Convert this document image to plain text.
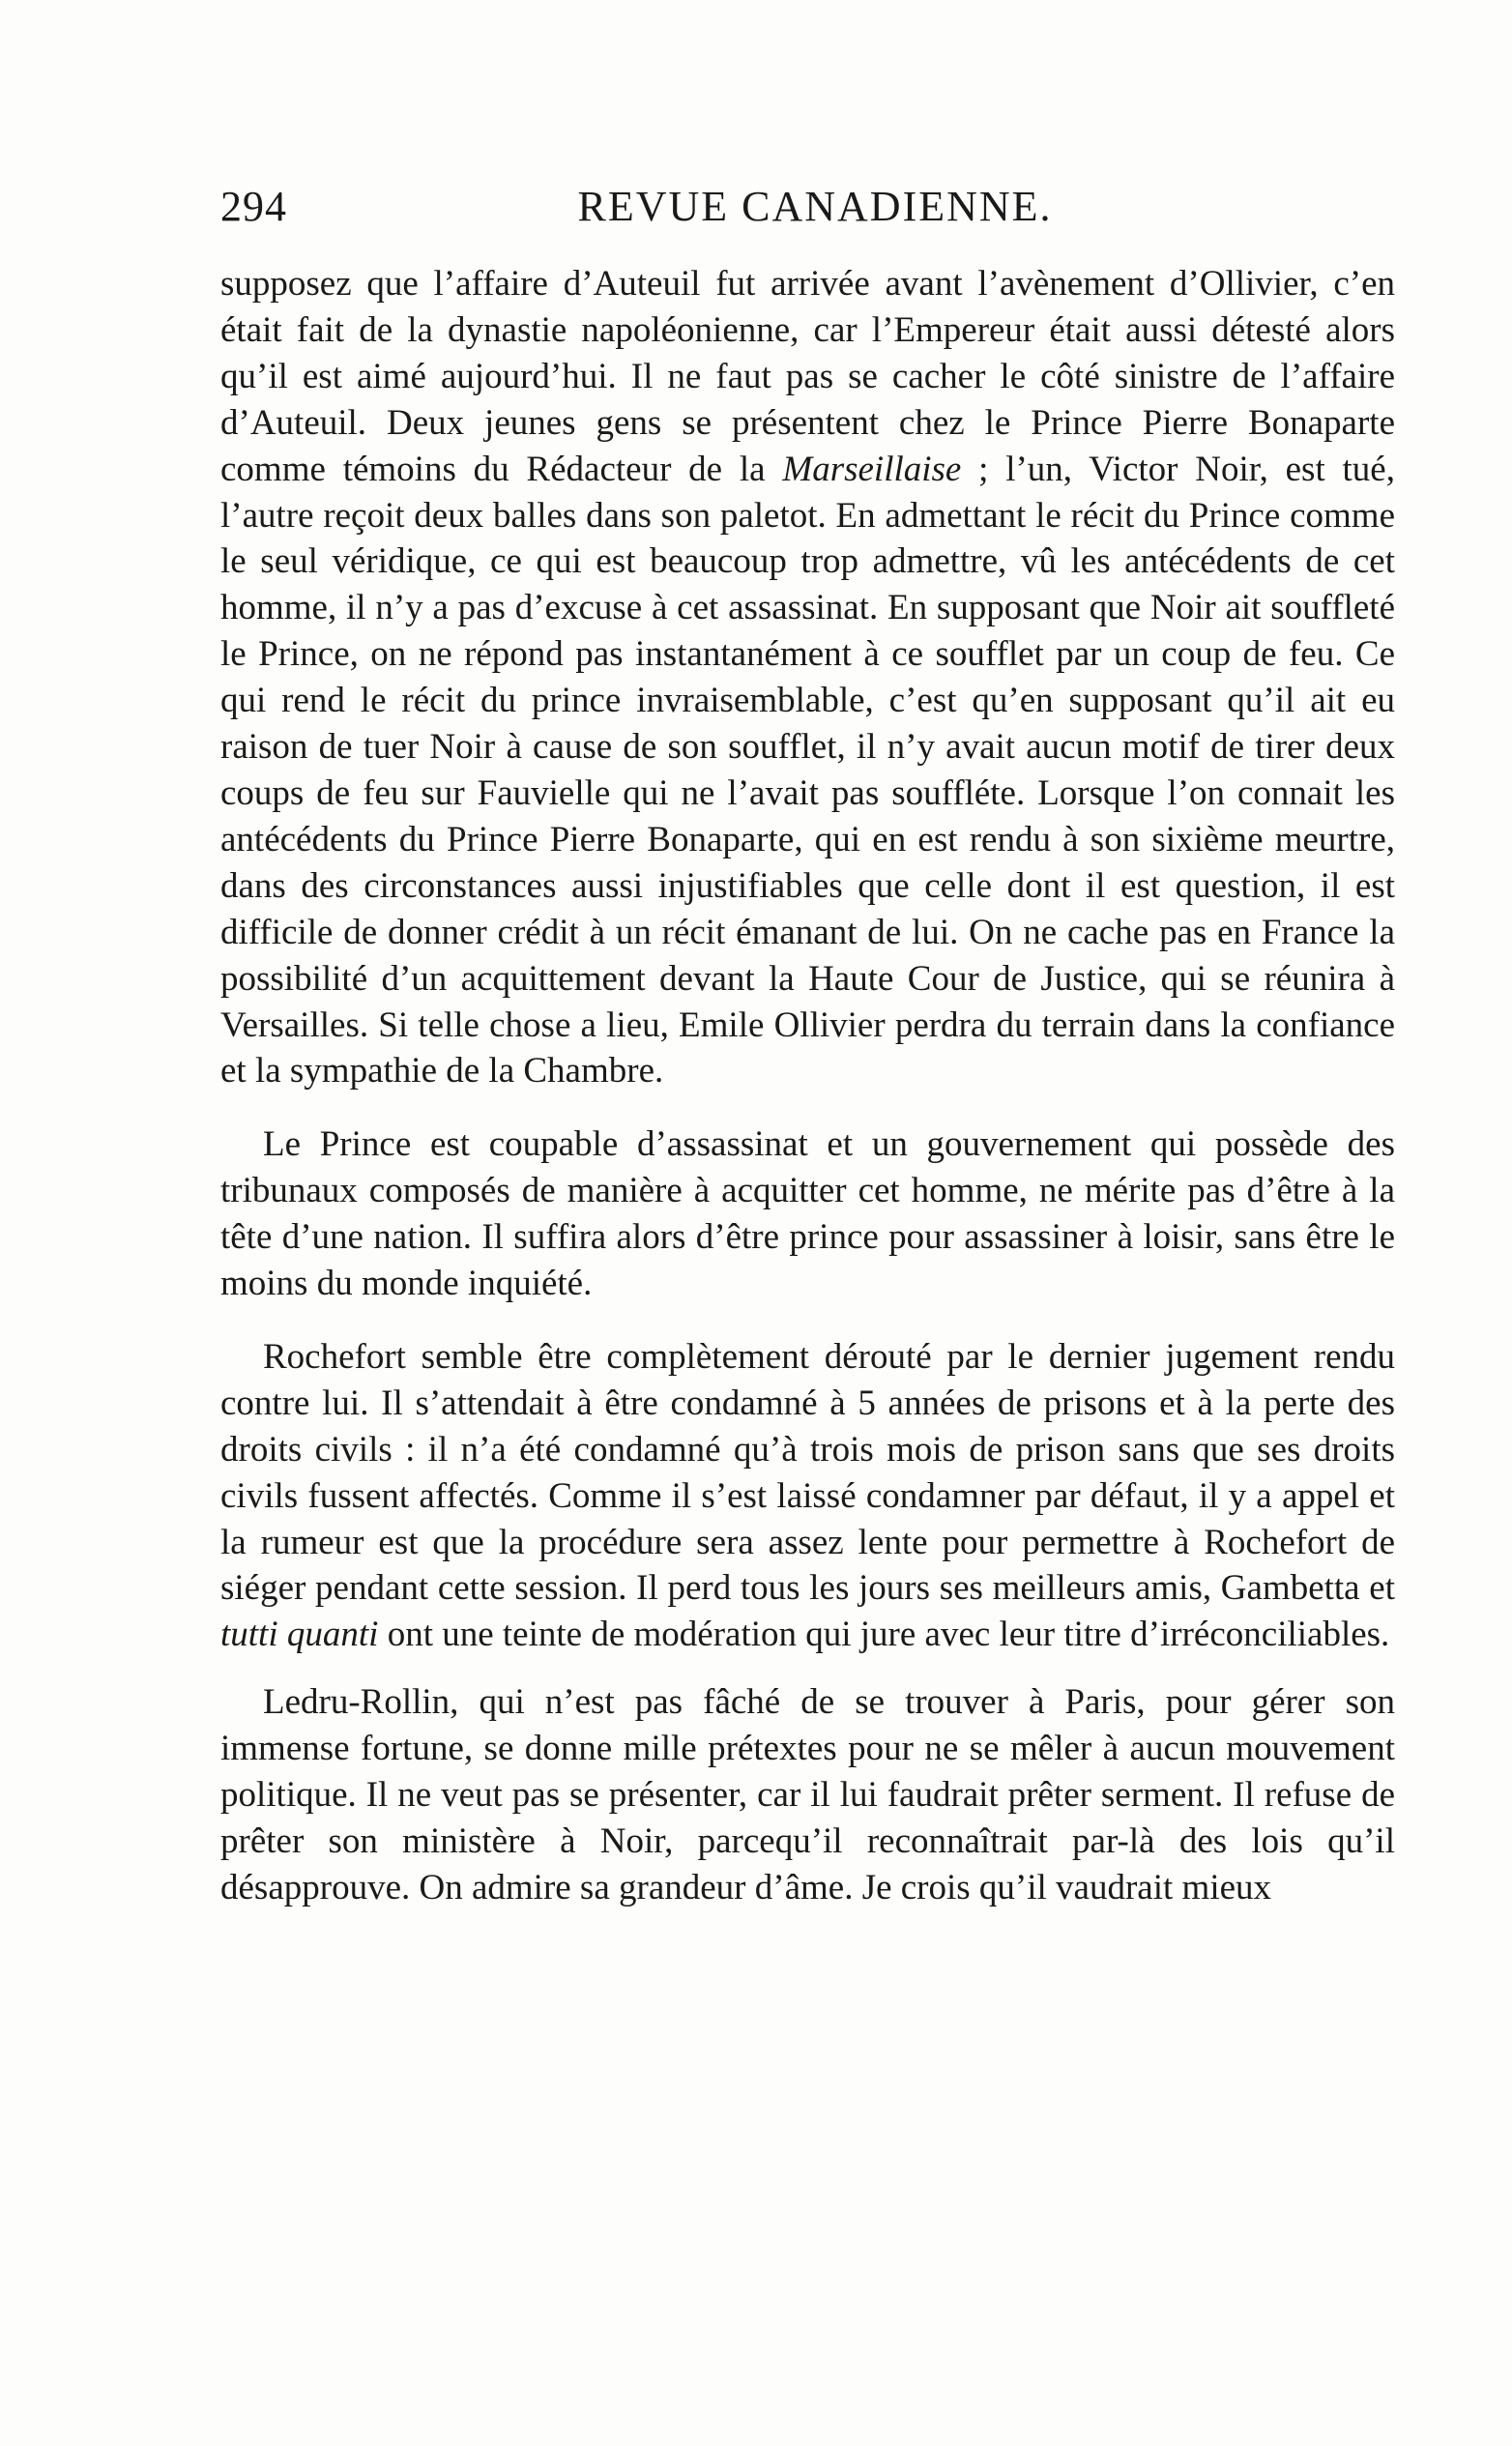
294	REVUE CANADIENNE.

supposez que l’affaire d’Auteuil fut arrivée avant l’avènement d’Ollivier, c’en était fait de la dynastie napoléonienne, car l’Empereur était aussi détesté alors qu’il est aimé aujourd’hui. Il ne faut pas se cacher le côté sinistre de l’affaire d’Auteuil. Deux jeunes gens se présentent chez le Prince Pierre Bonaparte comme témoins du Rédacteur de la Marseillaise ; l’un, Victor Noir, est tué, l’autre reçoit deux balles dans son paletot. En admettant le récit du Prince comme le seul véridique, ce qui est beaucoup trop admettre, vû les antécédents de cet homme, il n’y a pas d’excuse à cet assassinat. En supposant que Noir ait souffleté le Prince, on ne répond pas instantanément à ce soufflet par un coup de feu. Ce qui rend le récit du prince invraisemblable, c’est qu’en supposant qu’il ait eu raison de tuer Noir à cause de son soufflet, il n’y avait aucun motif de tirer deux coups de feu sur Fauvielle qui ne l’avait pas souffléte. Lorsque l’on connait les antécédents du Prince Pierre Bonaparte, qui en est rendu à son sixième meurtre, dans des circonstances aussi injustifiables que celle dont il est question, il est difficile de donner crédit à un récit émanant de lui. On ne cache pas en France la possibilité d’un acquittement devant la Haute Cour de Justice, qui se réunira à Versailles. Si telle chose a lieu, Emile Ollivier perdra du terrain dans la confiance et la sympathie de la Chambre.

Le Prince est coupable d’assassinat et un gouvernement qui possède des tribunaux composés de manière à acquitter cet homme, ne mérite pas d’être à la tête d’une nation. Il suffira alors d’être prince pour assassiner à loisir, sans être le moins du monde inquiété.

Rochefort semble être complètement dérouté par le dernier jugement rendu contre lui. Il s’attendait à être condamné à 5 années de prisons et à la perte des droits civils : il n’a été condamné qu’à trois mois de prison sans que ses droits civils fussent affectés. Comme il s’est laissé condamner par défaut, il y a appel et la rumeur est que la procédure sera assez lente pour permettre à Rochefort de siéger pendant cette session. Il perd tous les jours ses meilleurs amis, Gambetta et tutti quanti ont une teinte de modération qui jure avec leur titre d’irréconciliables.

Ledru-Rollin, qui n’est pas fâché de se trouver à Paris, pour gérer son immense fortune, se donne mille prétextes pour ne se mêler à aucun mouvement politique. Il ne veut pas se présenter, car il lui faudrait prêter serment. Il refuse de prêter son ministère à Noir, parcequ’il reconnaîtrait par-là des lois qu’il désapprouve. On admire sa grandeur d’âme. Je crois qu’il vaudrait mieux
